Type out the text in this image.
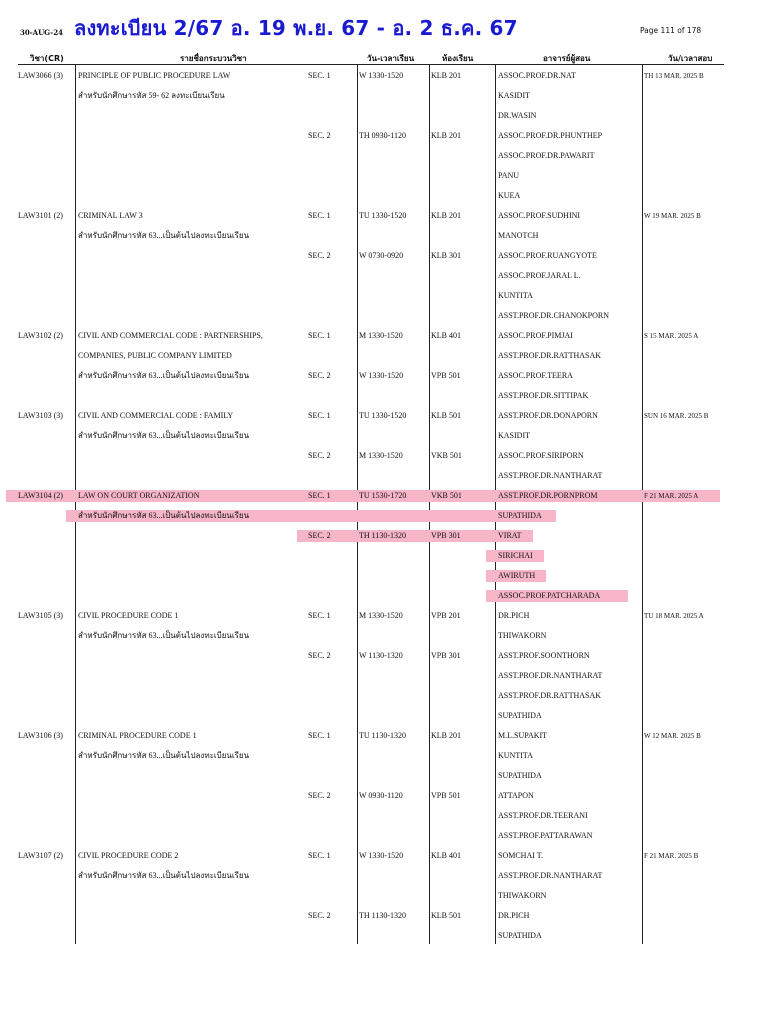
30-AUG-24 ลงทะเบียน 2/67 อ. 19 พ.ย. 67 - อ. 2 ธ.ค. 67	Page 111 of 178
วิชา(CR)	รายชื่อกระบวนวิชา	วัน-เวลาเรียน	ห้องเรียน	อาจารย์ผู้สอน	วัน/เวลาสอบ
LAW3066 (3) PRINCIPLE OF PUBLIC PROCEDURE LAW	SEC. 1	W 1330-1520	KLB 201	ASSOC.PROF.DR.NAT	TH 13 MAR. 2025 B
สำหรับนักศึกษารหัส 59- 62 ลงทะเบียนเรียน	KASIDIT
DR.WASIN
SEC. 2	TH 0930-1120	KLB 201	ASSOC.PROF.DR.PHUNTHEP
ASSOC.PROF.DR.PAWARIT
PANU
KUEA
LAW3101 (2) CRIMINAL LAW 3	SEC. 1	TU 1330-1520	KLB 201	ASSOC.PROF.SUDHINI	W 19 MAR. 2025 B
สำหรับนักศึกษารหัส 63...เป็นต้นไปลงทะเบียนเรียน	MANOTCH
SEC. 2	W 0730-0920	KLB 301	ASSOC.PROF.RUANGYOTE
ASSOC.PROF.JARAL L.
KUNTITA
ASST.PROF.DR.CHANOKPORN
LAW3102 (2) CIVIL AND COMMERCIAL CODE : PARTNERSHIPS,	SEC. 1	M 1330-1520	KLB 401	ASSOC.PROF.PIMJAI	S 15 MAR. 2025 A
COMPANIES, PUBLIC COMPANY LIMITED	ASST.PROF.DR.RATTHASAK
สำหรับนักศึกษารหัส 63...เป็นต้นไปลงทะเบียนเรียน	SEC. 2	W 1330-1520	VPB 501	ASSOC.PROF.TEERA
ASST.PROF.DR.SITTIPAK
LAW3103 (3) CIVIL AND COMMERCIAL CODE : FAMILY	SEC. 1	TU 1330-1520	KLB 501	ASST.PROF.DR.DONAPORN	SUN 16 MAR. 2025 B
สำหรับนักศึกษารหัส 63...เป็นต้นไปลงทะเบียนเรียน	KASIDIT
SEC. 2	M 1330-1520	VKB 501	ASSOC.PROF.SIRIPORN
ASST.PROF.DR.NANTHARAT
LAW3104 (2) LAW ON COURT ORGANIZATION	SEC. 1	TU 1530-1720	VKB 501	ASST.PROF.DR.PORNPROM	F 21 MAR. 2025 A
สำหรับนักศึกษารหัส 63...เป็นต้นไปลงทะเบียนเรียน	SUPATHIDA
SEC. 2	TH 1130-1320	VPB 301	VIRAT
SIRICHAI
AWIRUTH
ASSOC.PROF.PATCHARADA
LAW3105 (3) CIVIL PROCEDURE CODE 1	SEC. 1	M 1330-1520	VPB 201	DR.PICH	TU 18 MAR. 2025 A
สำหรับนักศึกษารหัส 63...เป็นต้นไปลงทะเบียนเรียน	THIWAKORN
SEC. 2	W 1130-1320	VPB 301	ASST.PROF.SOONTHORN
ASST.PROF.DR.NANTHARAT
ASST.PROF.DR.RATTHASAK
SUPATHIDA
LAW3106 (3) CRIMINAL PROCEDURE CODE 1	SEC. 1	TU 1130-1320	KLB 201	M.L.SUPAKIT	W 12 MAR. 2025 B
สำหรับนักศึกษารหัส 63...เป็นต้นไปลงทะเบียนเรียน	KUNTITA
SUPATHIDA
SEC. 2	W 0930-1120	VPB 501	ATTAPON
ASST.PROF.DR.TEERANI
ASST.PROF.PATTARAWAN
LAW3107 (2) CIVIL PROCEDURE CODE 2	SEC. 1	W 1330-1520	KLB 401	SOMCHAI T.	F 21 MAR. 2025 B
สำหรับนักศึกษารหัส 63...เป็นต้นไปลงทะเบียนเรียน	ASST.PROF.DR.NANTHARAT
THIWAKORN
SEC. 2	TH 1130-1320	KLB 501	DR.PICH
SUPATHIDA
